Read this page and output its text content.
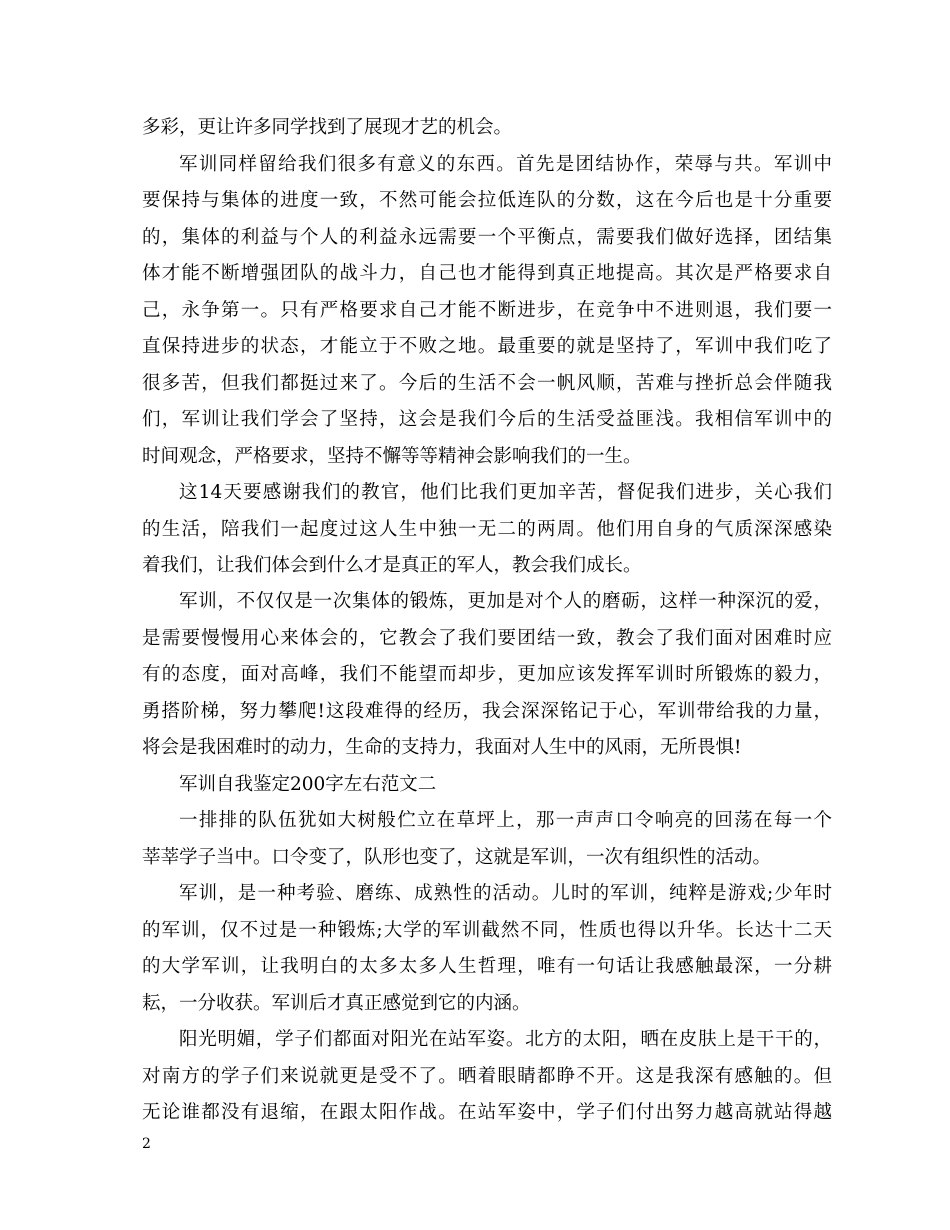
多彩，更让许多同学找到了展现才艺的机会。
军训同样留给我们很多有意义的东西。首先是团结协作，荣辱与共。军训中
要保持与集体的进度一致，不然可能会拉低连队的分数，这在今后也是十分重要
的，集体的利益与个人的利益永远需要一个平衡点，需要我们做好选择，团结集
体才能不断增强团队的战斗力，自己也才能得到真正地提高。其次是严格要求自
己，永争第一。只有严格要求自己才能不断进步，在竞争中不进则退，我们要一
直保持进步的状态，才能立于不败之地。最重要的就是坚持了，军训中我们吃了
很多苦，但我们都挺过来了。今后的生活不会一帆风顺，苦难与挫折总会伴随我
们，军训让我们学会了坚持，这会是我们今后的生活受益匪浅。我相信军训中的
时间观念，严格要求，坚持不懈等等精神会影响我们的一生。
这14天要感谢我们的教官，他们比我们更加辛苦，督促我们进步，关心我们
的生活，陪我们一起度过这人生中独一无二的两周。他们用自身的气质深深感染
着我们，让我们体会到什么才是真正的军人，教会我们成长。
军训，不仅仅是一次集体的锻炼，更加是对个人的磨砺，这样一种深沉的爱，
是需要慢慢用心来体会的，它教会了我们要团结一致，教会了我们面对困难时应
有的态度，面对高峰，我们不能望而却步，更加应该发挥军训时所锻炼的毅力，
勇搭阶梯，努力攀爬!这段难得的经历，我会深深铭记于心，军训带给我的力量，
将会是我困难时的动力，生命的支持力，我面对人生中的风雨，无所畏惧!
军训自我鉴定200字左右范文二
一排排的队伍犹如大树般伫立在草坪上，那一声声口令响亮的回荡在每一个
莘莘学子当中。口令变了，队形也变了，这就是军训，一次有组织性的活动。
军训，是一种考验、磨练、成熟性的活动。儿时的军训，纯粹是游戏;少年时
的军训，仅不过是一种锻炼;大学的军训截然不同，性质也得以升华。长达十二天
的大学军训，让我明白的太多太多人生哲理，唯有一句话让我感触最深，一分耕
耘，一分收获。军训后才真正感觉到它的内涵。
阳光明媚，学子们都面对阳光在站军姿。北方的太阳，晒在皮肤上是干干的，
对南方的学子们来说就更是受不了。晒着眼睛都睁不开。这是我深有感触的。但
无论谁都没有退缩，在跟太阳作战。在站军姿中，学子们付出努力越高就站得越
2
